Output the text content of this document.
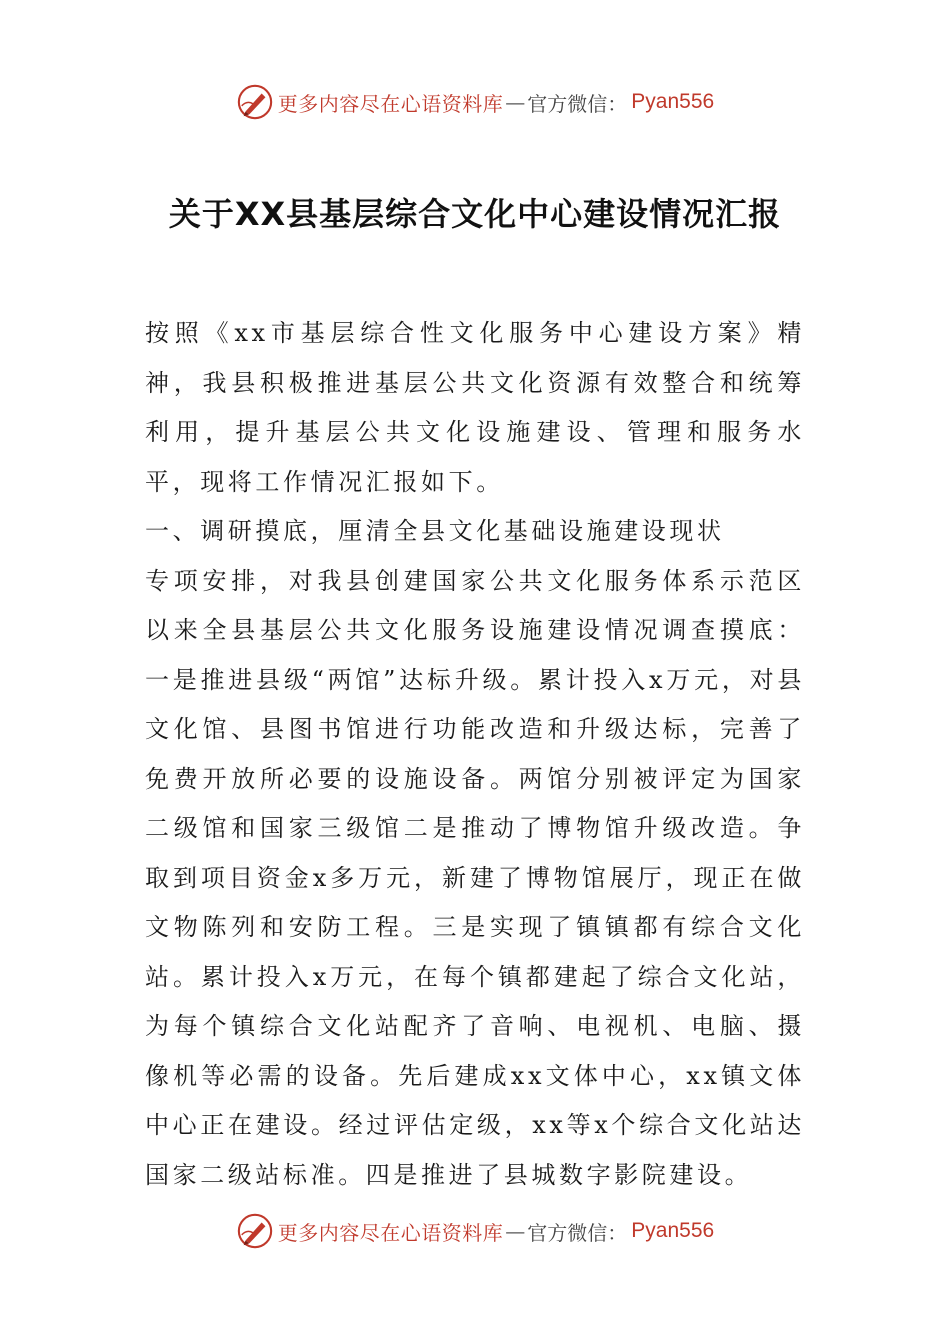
更多内容尽在心语资料库 — 官方微信： Pyan556
关于XX县基层综合文化中心建设情况汇报

按照《xx市基层综合性文化服务中心建设方案》精神，我县积极推进基层公共文化资源有效整合和统筹利用，提升基层公共文化设施建设、管理和服务水平，现将工作情况汇报如下。

一、调研摸底，厘清全县文化基础设施建设现状

专项安排，对我县创建国家公共文化服务体系示范区以来全县基层公共文化服务设施建设情况调查摸底：一是推进县级“两馆”达标升级。累计投入x万元，对县文化馆、县图书馆进行功能改造和升级达标，完善了免费开放所必要的设施设备。两馆分别被评定为国家二级馆和国家三级馆二是推动了博物馆升级改造。争取到项目资金x多万元，新建了博物馆展厅，现正在做文物陈列和安防工程。三是实现了镇镇都有综合文化站。累计投入x万元，在每个镇都建起了综合文化站，为每个镇综合文化站配齐了音响、电视机、电脑、摄像机等必需的设备。先后建成xx文体中心，xx镇文体中心正在建设。经过评估定级，xx等x个综合文化站达国家二级站标准。四是推进了县城数字影院建设。

更多内容尽在心语资料库 — 官方微信： Pyan556
